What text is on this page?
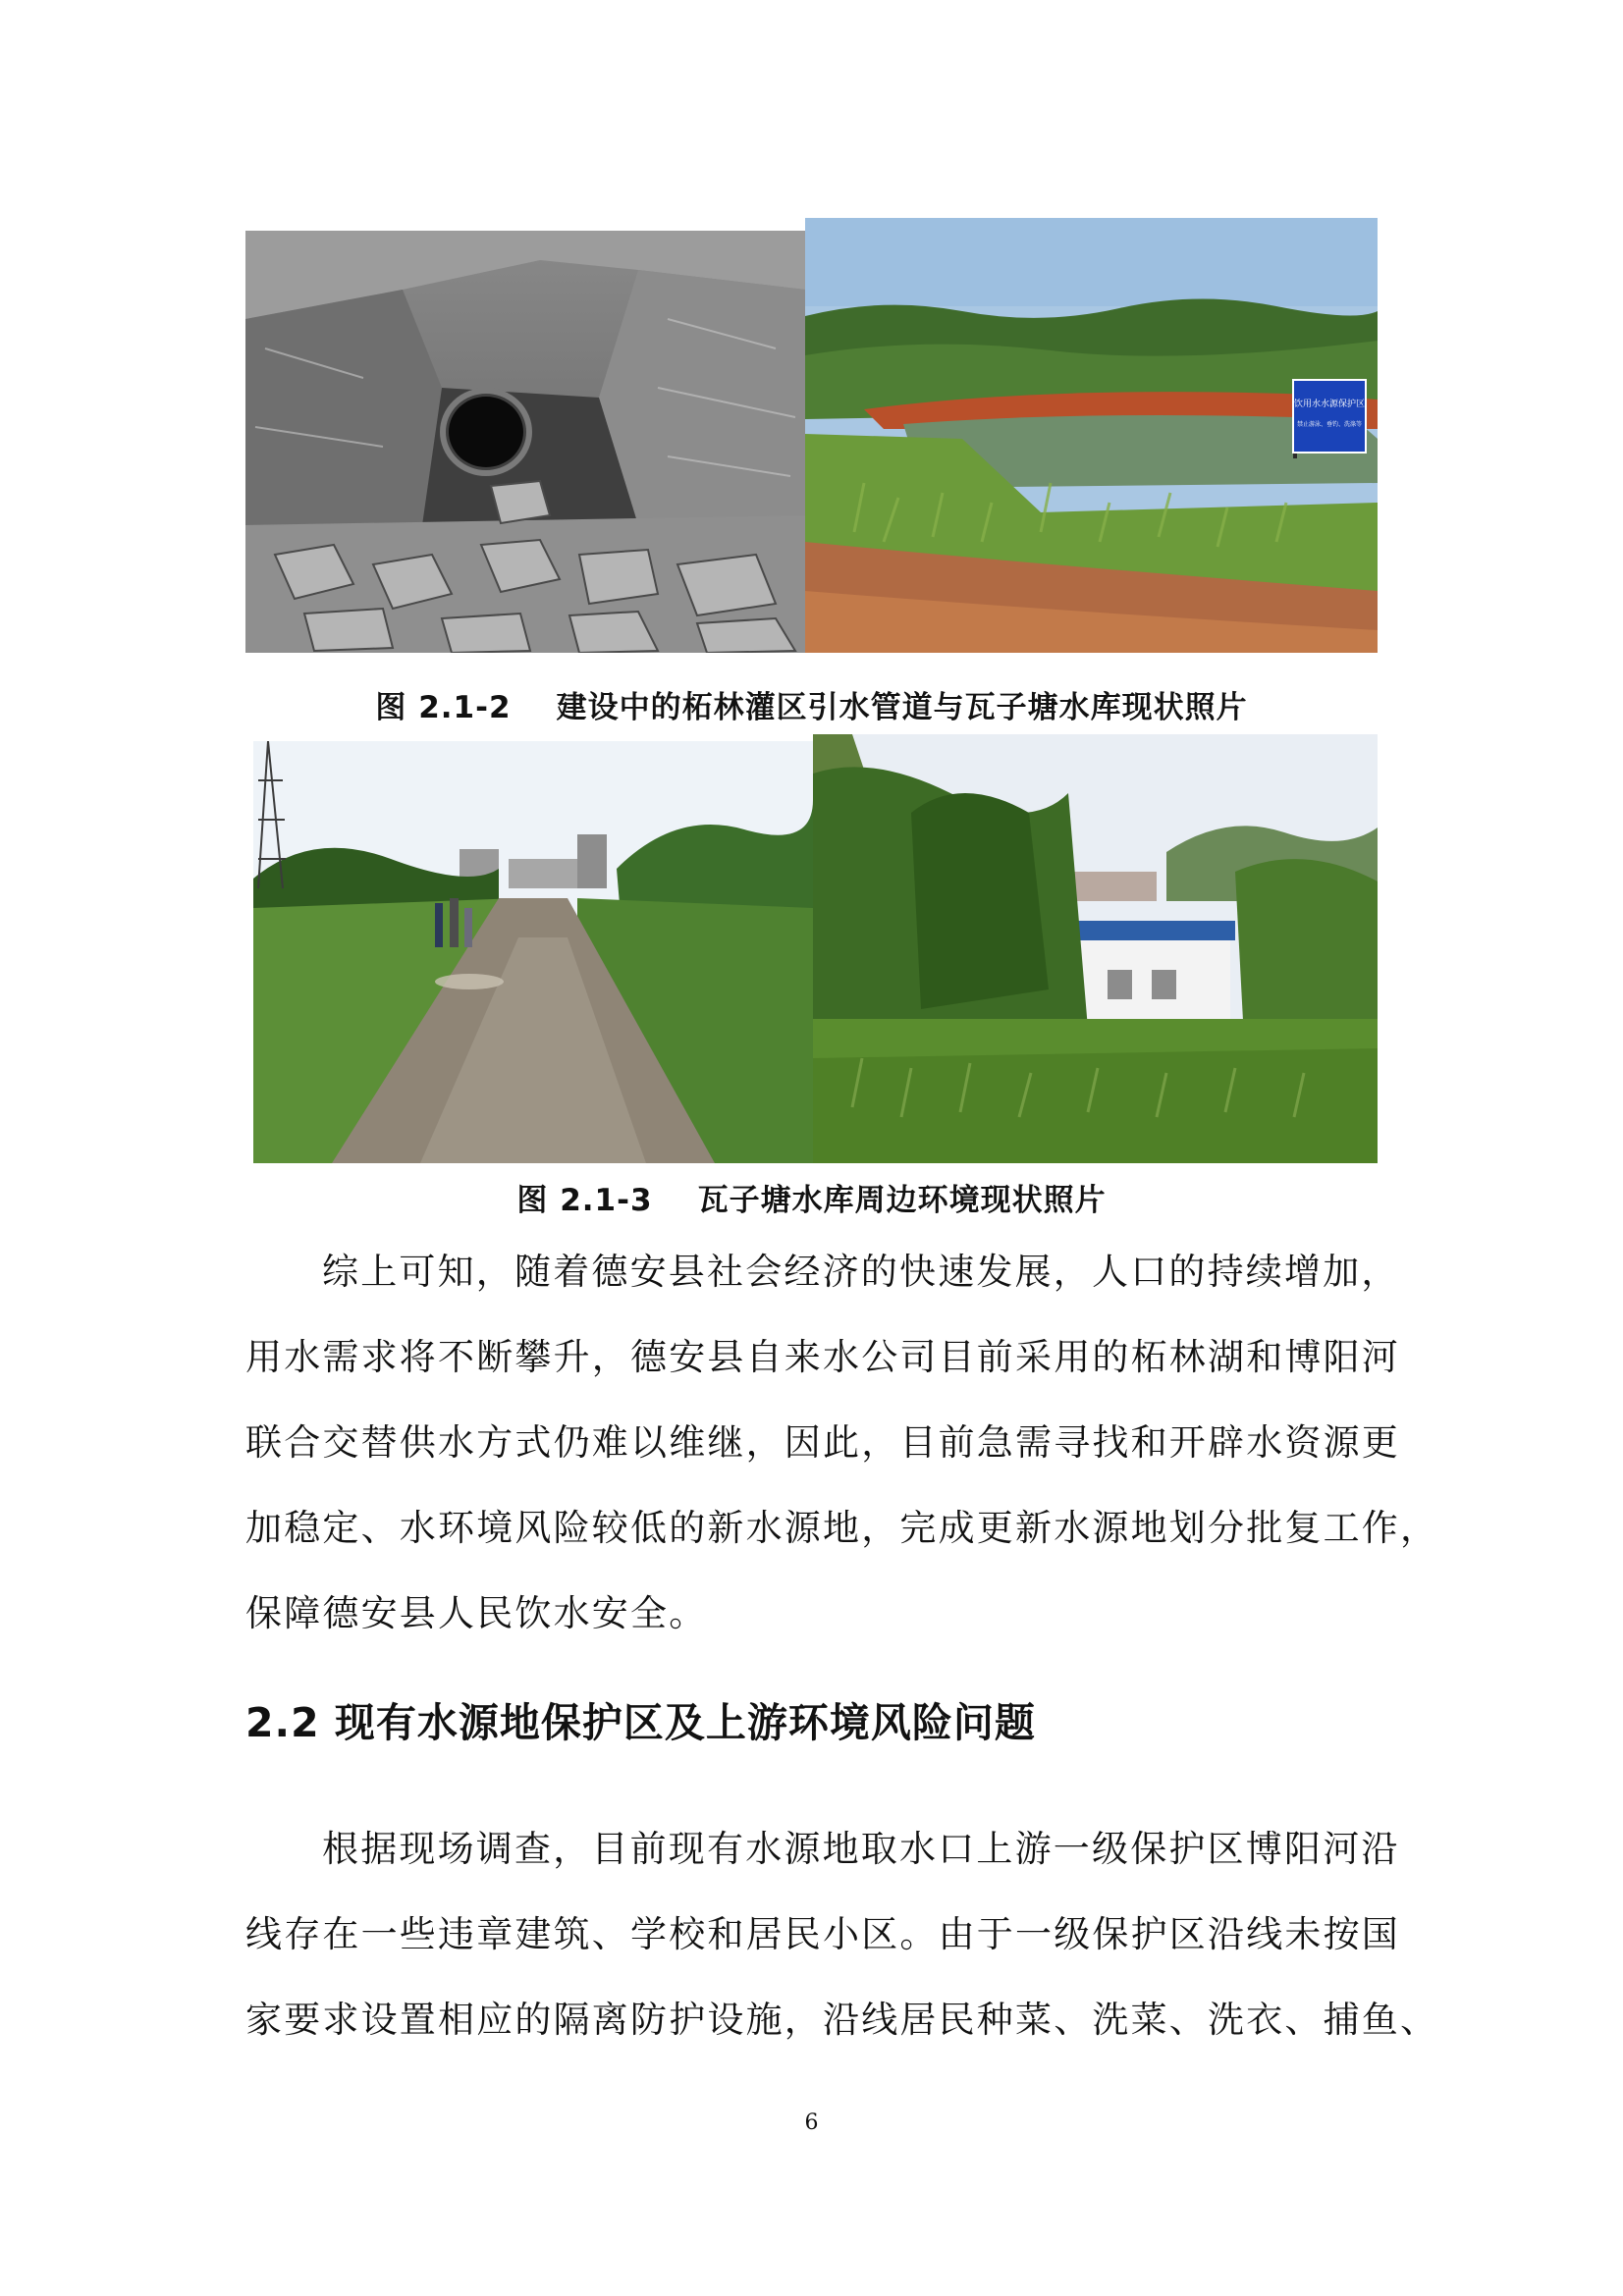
饮用水水源保护区
禁止游泳、垂钓、洗涤等
图 2.1-2 建设中的柘林灌区引水管道与瓦子塘水库现状照片
图 2.1-3 瓦子塘水库周边环境现状照片
综上可知，随着德安县社会经济的快速发展，人口的持续增加，
用水需求将不断攀升，德安县自来水公司目前采用的柘林湖和博阳河
联合交替供水方式仍难以维继，因此，目前急需寻找和开辟水资源更
加稳定、水环境风险较低的新水源地，完成更新水源地划分批复工作，
保障德安县人民饮水安全。
2.2 现有水源地保护区及上游环境风险问题
根据现场调查，目前现有水源地取水口上游一级保护区博阳河沿
线存在一些违章建筑、学校和居民小区。由于一级保护区沿线未按国
家要求设置相应的隔离防护设施，沿线居民种菜、洗菜、洗衣、捕鱼、
6
